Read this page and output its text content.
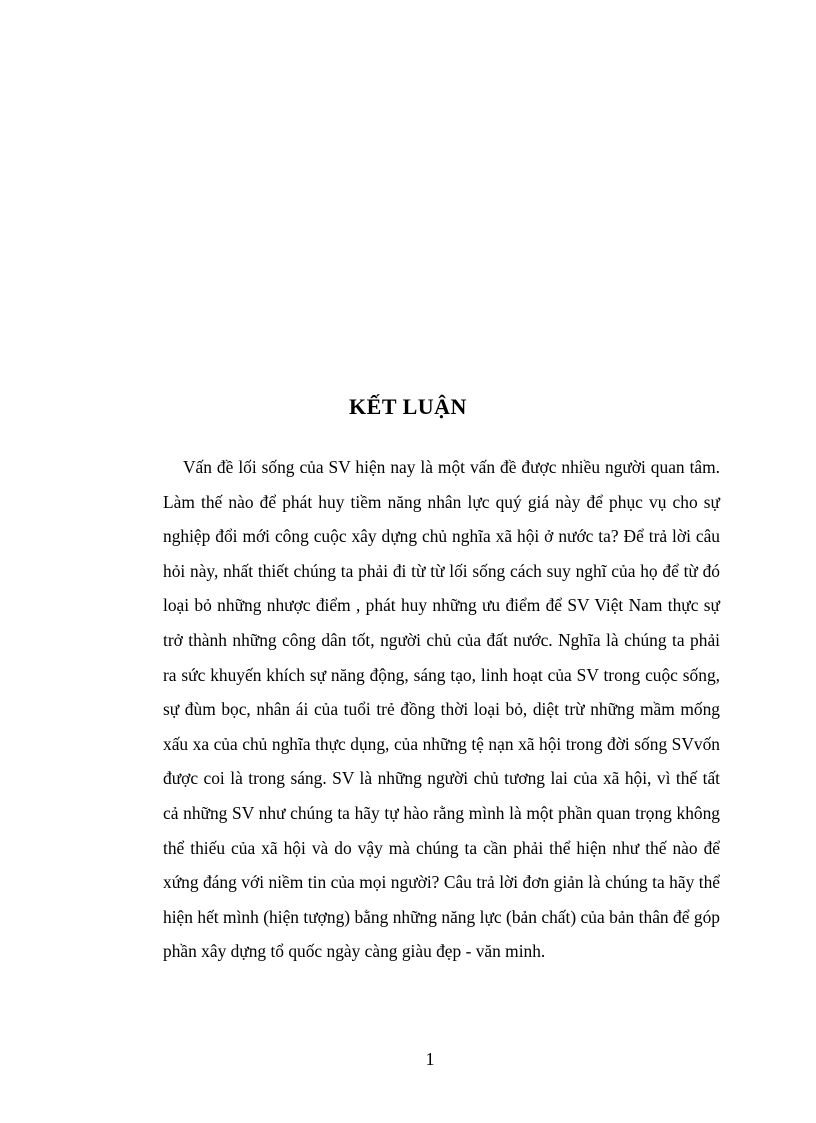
KẾT LUẬN

Vấn đề lối sống của SV hiện nay là một vấn đề được nhiều người quan tâm. Làm thế nào để phát huy tiềm năng nhân lực quý giá này để phục vụ cho sự nghiệp đổi mới công cuộc xây dựng chủ nghĩa xã hội ở nước ta? Để trả lời câu hỏi này, nhất thiết chúng ta phải đi từ từ lối sống cách suy nghĩ của họ để từ đó loại bỏ những nhược điểm , phát huy những ưu điểm để SV Việt Nam thực sự trở thành những công dân tốt, người chủ của đất nước. Nghĩa là chúng ta phải ra sức khuyến khích sự năng động, sáng tạo, linh hoạt của SV trong cuộc sống, sự đùm bọc, nhân ái của tuổi trẻ đồng thời loại bỏ, diệt trừ những mầm mống xấu xa của chủ nghĩa thực dụng, của những tệ nạn xã hội trong đời sống SVvốn được coi là trong sáng. SV là những người chủ tương lai của xã hội, vì thế tất cả những SV như chúng ta hãy tự hào rằng mình là một phần quan trọng không thể thiếu của xã hội và do vậy mà chúng ta cần phải thể hiện như thế nào để xứng đáng với niềm tin của mọi người? Câu trả lời đơn giản là chúng ta hãy thể hiện hết mình (hiện tượng) bằng những năng lực (bản chất) của bản thân để góp phần xây dựng tổ quốc ngày càng giàu đẹp - văn minh.

1
